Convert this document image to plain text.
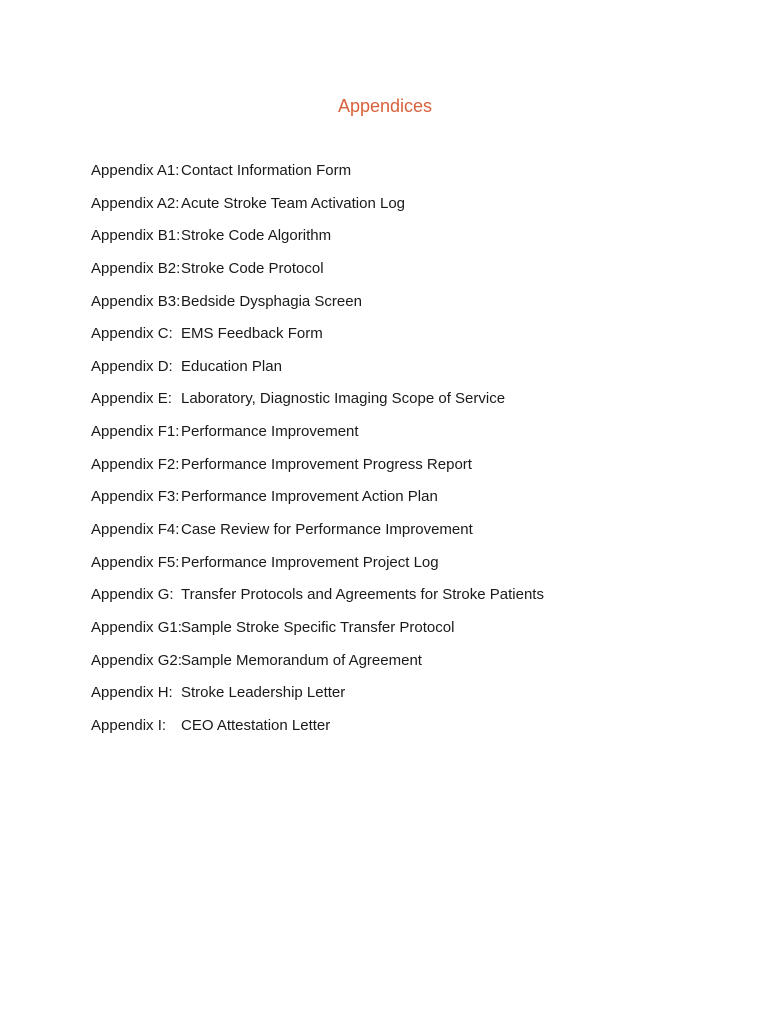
Appendices
Appendix A1: Contact Information Form
Appendix A2: Acute Stroke Team Activation Log
Appendix B1: Stroke Code Algorithm
Appendix B2: Stroke Code Protocol
Appendix B3: Bedside Dysphagia Screen
Appendix C: EMS Feedback Form
Appendix D: Education Plan
Appendix E: Laboratory, Diagnostic Imaging Scope of Service
Appendix F1: Performance Improvement
Appendix F2: Performance Improvement Progress Report
Appendix F3: Performance Improvement Action Plan
Appendix F4: Case Review for Performance Improvement
Appendix F5: Performance Improvement Project Log
Appendix G: Transfer Protocols and Agreements for Stroke Patients
Appendix G1: Sample Stroke Specific Transfer Protocol
Appendix G2: Sample Memorandum of Agreement
Appendix H: Stroke Leadership Letter
Appendix I: CEO Attestation Letter
